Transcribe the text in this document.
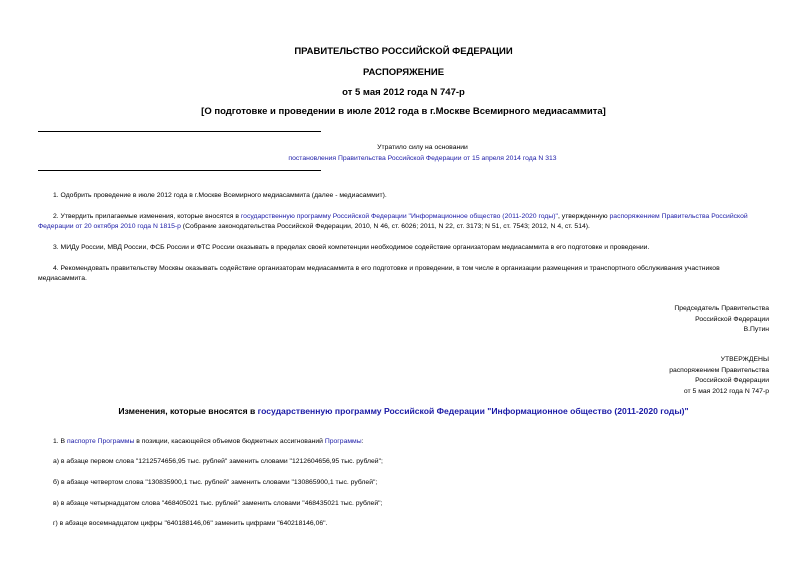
ПРАВИТЕЛЬСТВО РОССИЙСКОЙ ФЕДЕРАЦИИ
РАСПОРЯЖЕНИЕ
от 5 мая 2012 года N 747-р
[О подготовке и проведении в июле 2012 года в г.Москве Всемирного медиасаммита]
Утратило силу на основании
постановления Правительства Российской Федерации от 15 апреля 2014 года N 313
1. Одобрить проведение в июле 2012 года в г.Москве Всемирного медиасаммита (далее - медиасаммит).
2. Утвердить прилагаемые изменения, которые вносятся в государственную программу Российской Федерации "Информационное общество (2011-2020 годы)", утвержденную распоряжением Правительства Российской Федерации от 20 октября 2010 года N 1815-р (Собрание законодательства Российской Федерации, 2010, N 46, ст. 6026; 2011, N 22, ст. 3173; N 51, ст. 7543; 2012, N 4, ст. 514).
3. МИДу России, МВД России, ФСБ России и ФТС России оказывать в пределах своей компетенции необходимое содействие организаторам медиасаммита в его подготовке и проведении.
4. Рекомендовать правительству Москвы оказывать содействие организаторам медиасаммита в его подготовке и проведении, в том числе в организации размещения и транспортного обслуживания участников медиасаммита.
Председатель Правительства
Российской Федерации
В.Путин
УТВЕРЖДЕНЫ
распоряжением Правительства
Российской Федерации
от 5 мая 2012 года N 747-р
Изменения, которые вносятся в государственную программу Российской Федерации "Информационное общество (2011-2020 годы)"
1. В паспорте Программы в позиции, касающейся объемов бюджетных ассигнований Программы:
а) в абзаце первом слова "1212574656,95 тыс. рублей" заменить словами "1212604656,95 тыс. рублей";
б) в абзаце четвертом слова "130835900,1 тыс. рублей" заменить словами "130865900,1 тыс. рублей";
в) в абзаце четырнадцатом слова "468405021 тыс. рублей" заменить словами "468435021 тыс. рублей";
г) в абзаце восемнадцатом цифры "640188146,06" заменить цифрами "640218146,06".
